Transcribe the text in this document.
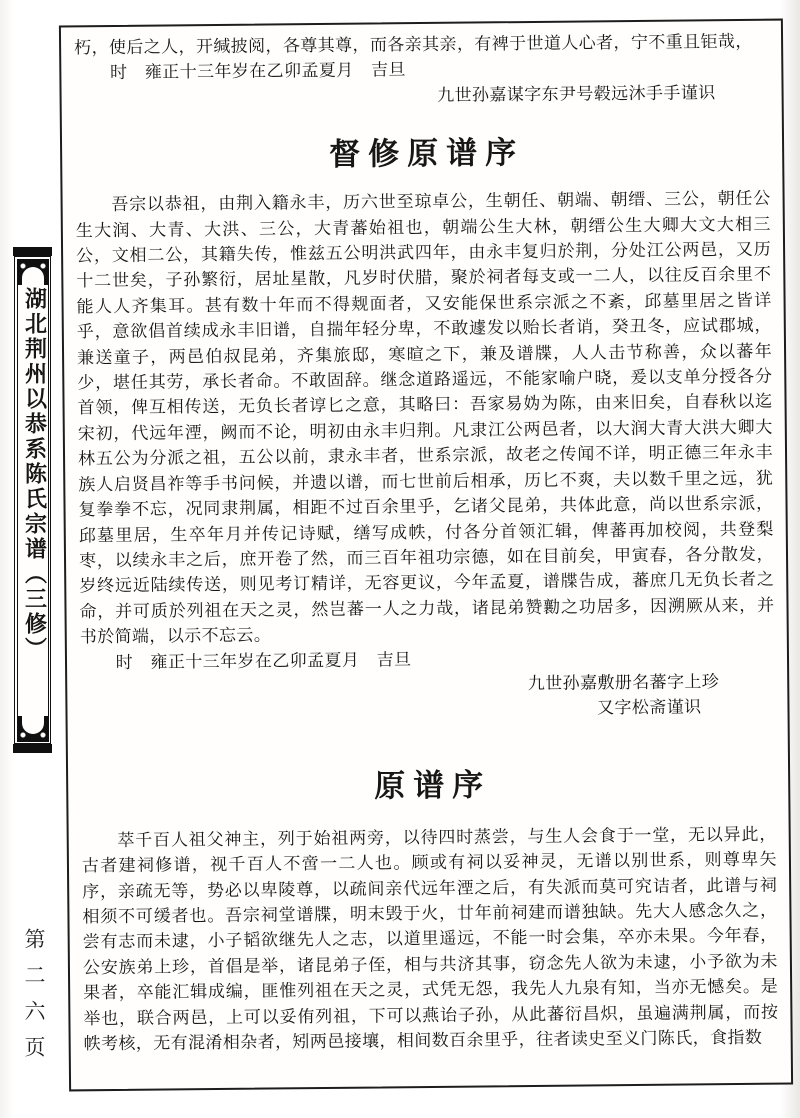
湖北荆州以恭系陈氏宗谱（三修）
第二六页

朽，使后之人，开缄披阅，各尊其尊，而各亲其亲，有裨于世道人心者，宁不重且钜哉，

时　雍正十三年岁在乙卯孟夏月　吉旦

九世孙嘉谋字东尹号毂远沐手手谨识

督修原谱序

吾宗以恭祖，由荆入籍永丰，历六世至琼卓公，生朝任、朝端、朝缙、三公，朝任公生大润、大青、大洪、三公，大青蕃始祖也，朝端公生大林，朝缙公生大卿大文大相三公，文相二公，其籍失传，惟兹五公明洪武四年，由永丰复归於荆，分处江公两邑，又历十二世矣，子孙繁衍，居址星散，凡岁时伏腊，聚於祠者每支或一二人，以往反百余里不能人人齐集耳。甚有数十年而不得觌面者，又安能保世系宗派之不紊，邱墓里居之皆详乎，意欲倡首续成永丰旧谱，自揣年轻分卑，不敢遽发以贻长者诮，癸丑冬，应试郡城，兼送童子，两邑伯叔昆弟，齐集旅邸，寒暄之下，兼及谱牒，人人击节称善，众以蕃年少，堪任其劳，承长者命。不敢固辞。继念道路遥远，不能家喻户晓，爰以支单分授各分首领，俾互相传送，无负长者谆匕之意，其略曰：吾家易妫为陈，由来旧矣，自春秋以迄宋初，代远年湮，阙而不论，明初由永丰归荆。凡隶江公两邑者，以大润大青大洪大卿大林五公为分派之祖，五公以前，隶永丰者，世系宗派，故老之传闻不详，明正德三年永丰族人启贤昌祚等手书问候，并遗以谱，而七世前后相承，历匕不爽，夫以数千里之远，犹复拳拳不忘，况同隶荆属，相距不过百余里乎，乞诸父昆弟，共体此意，尚以世系宗派，邱墓里居，生卒年月并传记诗赋，缮写成帙，付各分首领汇辑，俾蕃再加校阅，共登梨枣，以续永丰之后，庶开卷了然，而三百年祖功宗德，如在目前矣，甲寅春，各分散发，岁终远近陆续传送，则见考订精详，无容更议，今年孟夏，谱牒告成，蕃庶几无负长者之命，并可质於列祖在天之灵，然岂蕃一人之力哉，诸昆弟赞勷之功居多，因溯厥从来，并书於简端，以示不忘云。

时　雍正十三年岁在乙卯孟夏月　吉旦

九世孙嘉敷册名蕃字上珍

又字松斋谨识

原谱序

萃千百人祖父神主，列于始祖两旁，以待四时蒸尝，与生人会食于一堂，无以异此，古者建祠修谱，视千百人不啻一二人也。顾或有祠以妥神灵，无谱以别世系，则尊卑矢序，亲疏无等，势必以卑陵尊，以疏间亲代远年湮之后，有失派而莫可究诘者，此谱与祠相须不可缓者也。吾宗祠堂谱牒，明末毁于火，廿年前祠建而谱独缺。先大人感念久之，尝有志而未逮，小子韬欲继先人之志，以道里遥远，不能一时会集，卒亦未果。今年春，公安族弟上珍，首倡是举，诸昆弟子侄，相与共济其事，窃念先人欲为未逮，小予欲为未果者，卒能汇辑成编，匪惟列祖在天之灵，式凭无怨，我先人九泉有知，当亦无憾矣。是举也，联合两邑，上可以妥侑列祖，下可以燕诒子孙，从此蕃衍昌炽，虽遍满荆属，而按帙考核，无有混淆相杂者，矧两邑接壤，相间数百余里乎，往者读史至义门陈氏，食指数
